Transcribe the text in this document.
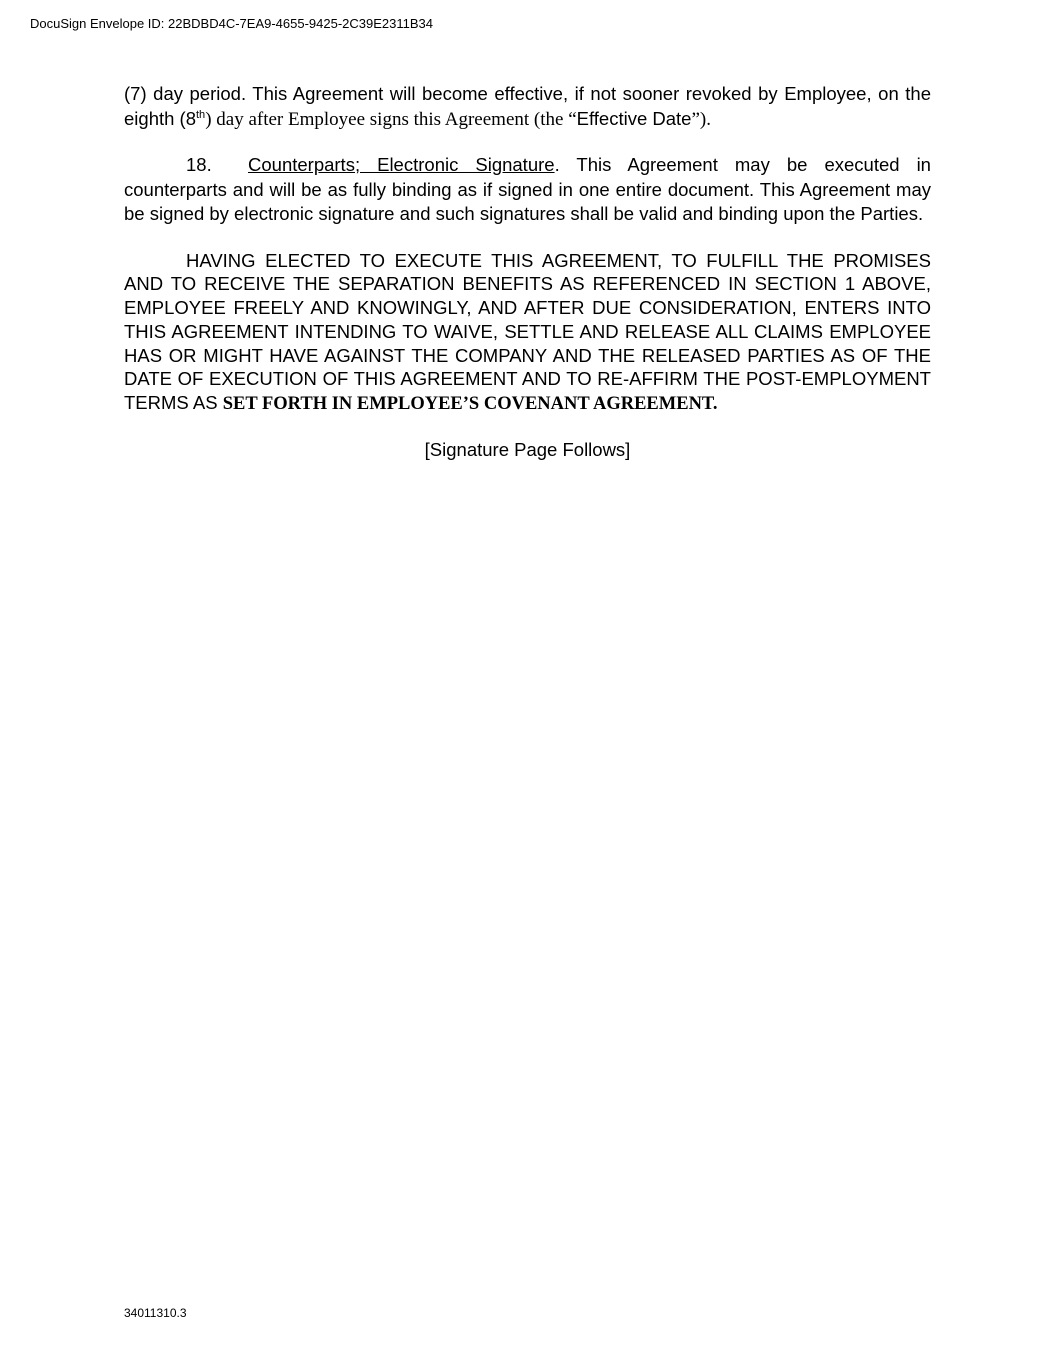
DocuSign Envelope ID: 22BDBD4C-7EA9-4655-9425-2C39E2311B34

(7) day period. This Agreement will become effective, if not sooner revoked by Employee, on the eighth (8th) day after Employee signs this Agreement (the “Effective Date”).

18. Counterparts; Electronic Signature. This Agreement may be executed in counterparts and will be as fully binding as if signed in one entire document. This Agreement may be signed by electronic signature and such signatures shall be valid and binding upon the Parties.

HAVING ELECTED TO EXECUTE THIS AGREEMENT, TO FULFILL THE PROMISES AND TO RECEIVE THE SEPARATION BENEFITS AS REFERENCED IN SECTION 1 ABOVE, EMPLOYEE FREELY AND KNOWINGLY, AND AFTER DUE CONSIDERATION, ENTERS INTO THIS AGREEMENT INTENDING TO WAIVE, SETTLE AND RELEASE ALL CLAIMS EMPLOYEE HAS OR MIGHT HAVE AGAINST THE COMPANY AND THE RELEASED PARTIES AS OF THE DATE OF EXECUTION OF THIS AGREEMENT AND TO RE-AFFIRM THE POST-EMPLOYMENT TERMS AS SET FORTH IN EMPLOYEE’S COVENANT AGREEMENT.

[Signature Page Follows]
34011310.3
